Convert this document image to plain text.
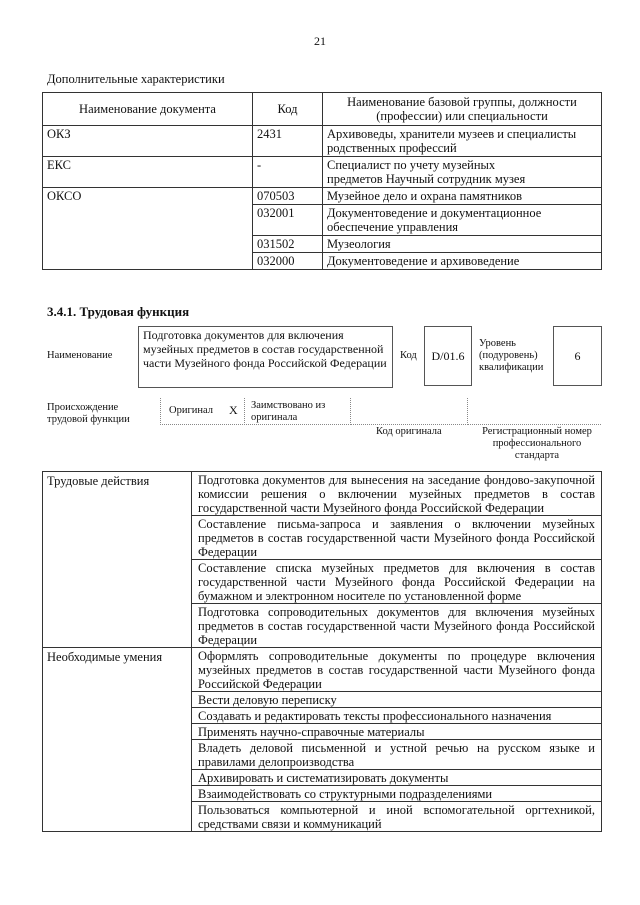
21
Дополнительные характеристики
Наименование документа	Код	Наименование базовой группы, должности (профессии) или специальности
ОКЗ	2431	Архивоведы, хранители музеев и специалисты родственных профессий
ЕКС	-	Специалист по учету музейных предметов Научный сотрудник музея
ОКСО	070503	Музейное дело и охрана памятников
	032001	Документоведение и документационное обеспечение управления
	031502	Музеология
	032000	Документоведение и архивоведение
3.4.1. Трудовая функция
Наименование
Подготовка документов для включения музейных предметов в состав государственной части Музейного фонда Российской Федерации
Код	D/01.6
Уровень (подуровень) квалификации
6
Происхождение трудовой функции
Оригинал X Заимствовано из оригинала
Код оригинала	Регистрационный номер профессионального стандарта
Трудовые действия	Подготовка документов для вынесения на заседание фондово-закупочной комиссии решения о включении музейных предметов в состав государственной части Музейного фонда Российской Федерации
	Составление письма-запроса и заявления о включении музейных предметов в состав государственной части Музейного фонда Российской Федерации
	Составление списка музейных предметов для включения в состав государственной части Музейного фонда Российской Федерации на бумажном и электронном носителе по установленной форме
	Подготовка сопроводительных документов для включения музейных предметов в состав государственной части Музейного фонда Российской Федерации
Необходимые умения	Оформлять сопроводительные документы по процедуре включения музейных предметов в состав государственной части Музейного фонда Российской Федерации
	Вести деловую переписку
	Создавать и редактировать тексты профессионального назначения
	Применять научно-справочные материалы
	Владеть деловой письменной и устной речью на русском языке и правилами делопроизводства
	Архивировать и систематизировать документы
	Взаимодействовать со структурными подразделениями
	Пользоваться компьютерной и иной вспомогательной оргтехникой, средствами связи и коммуникаций
